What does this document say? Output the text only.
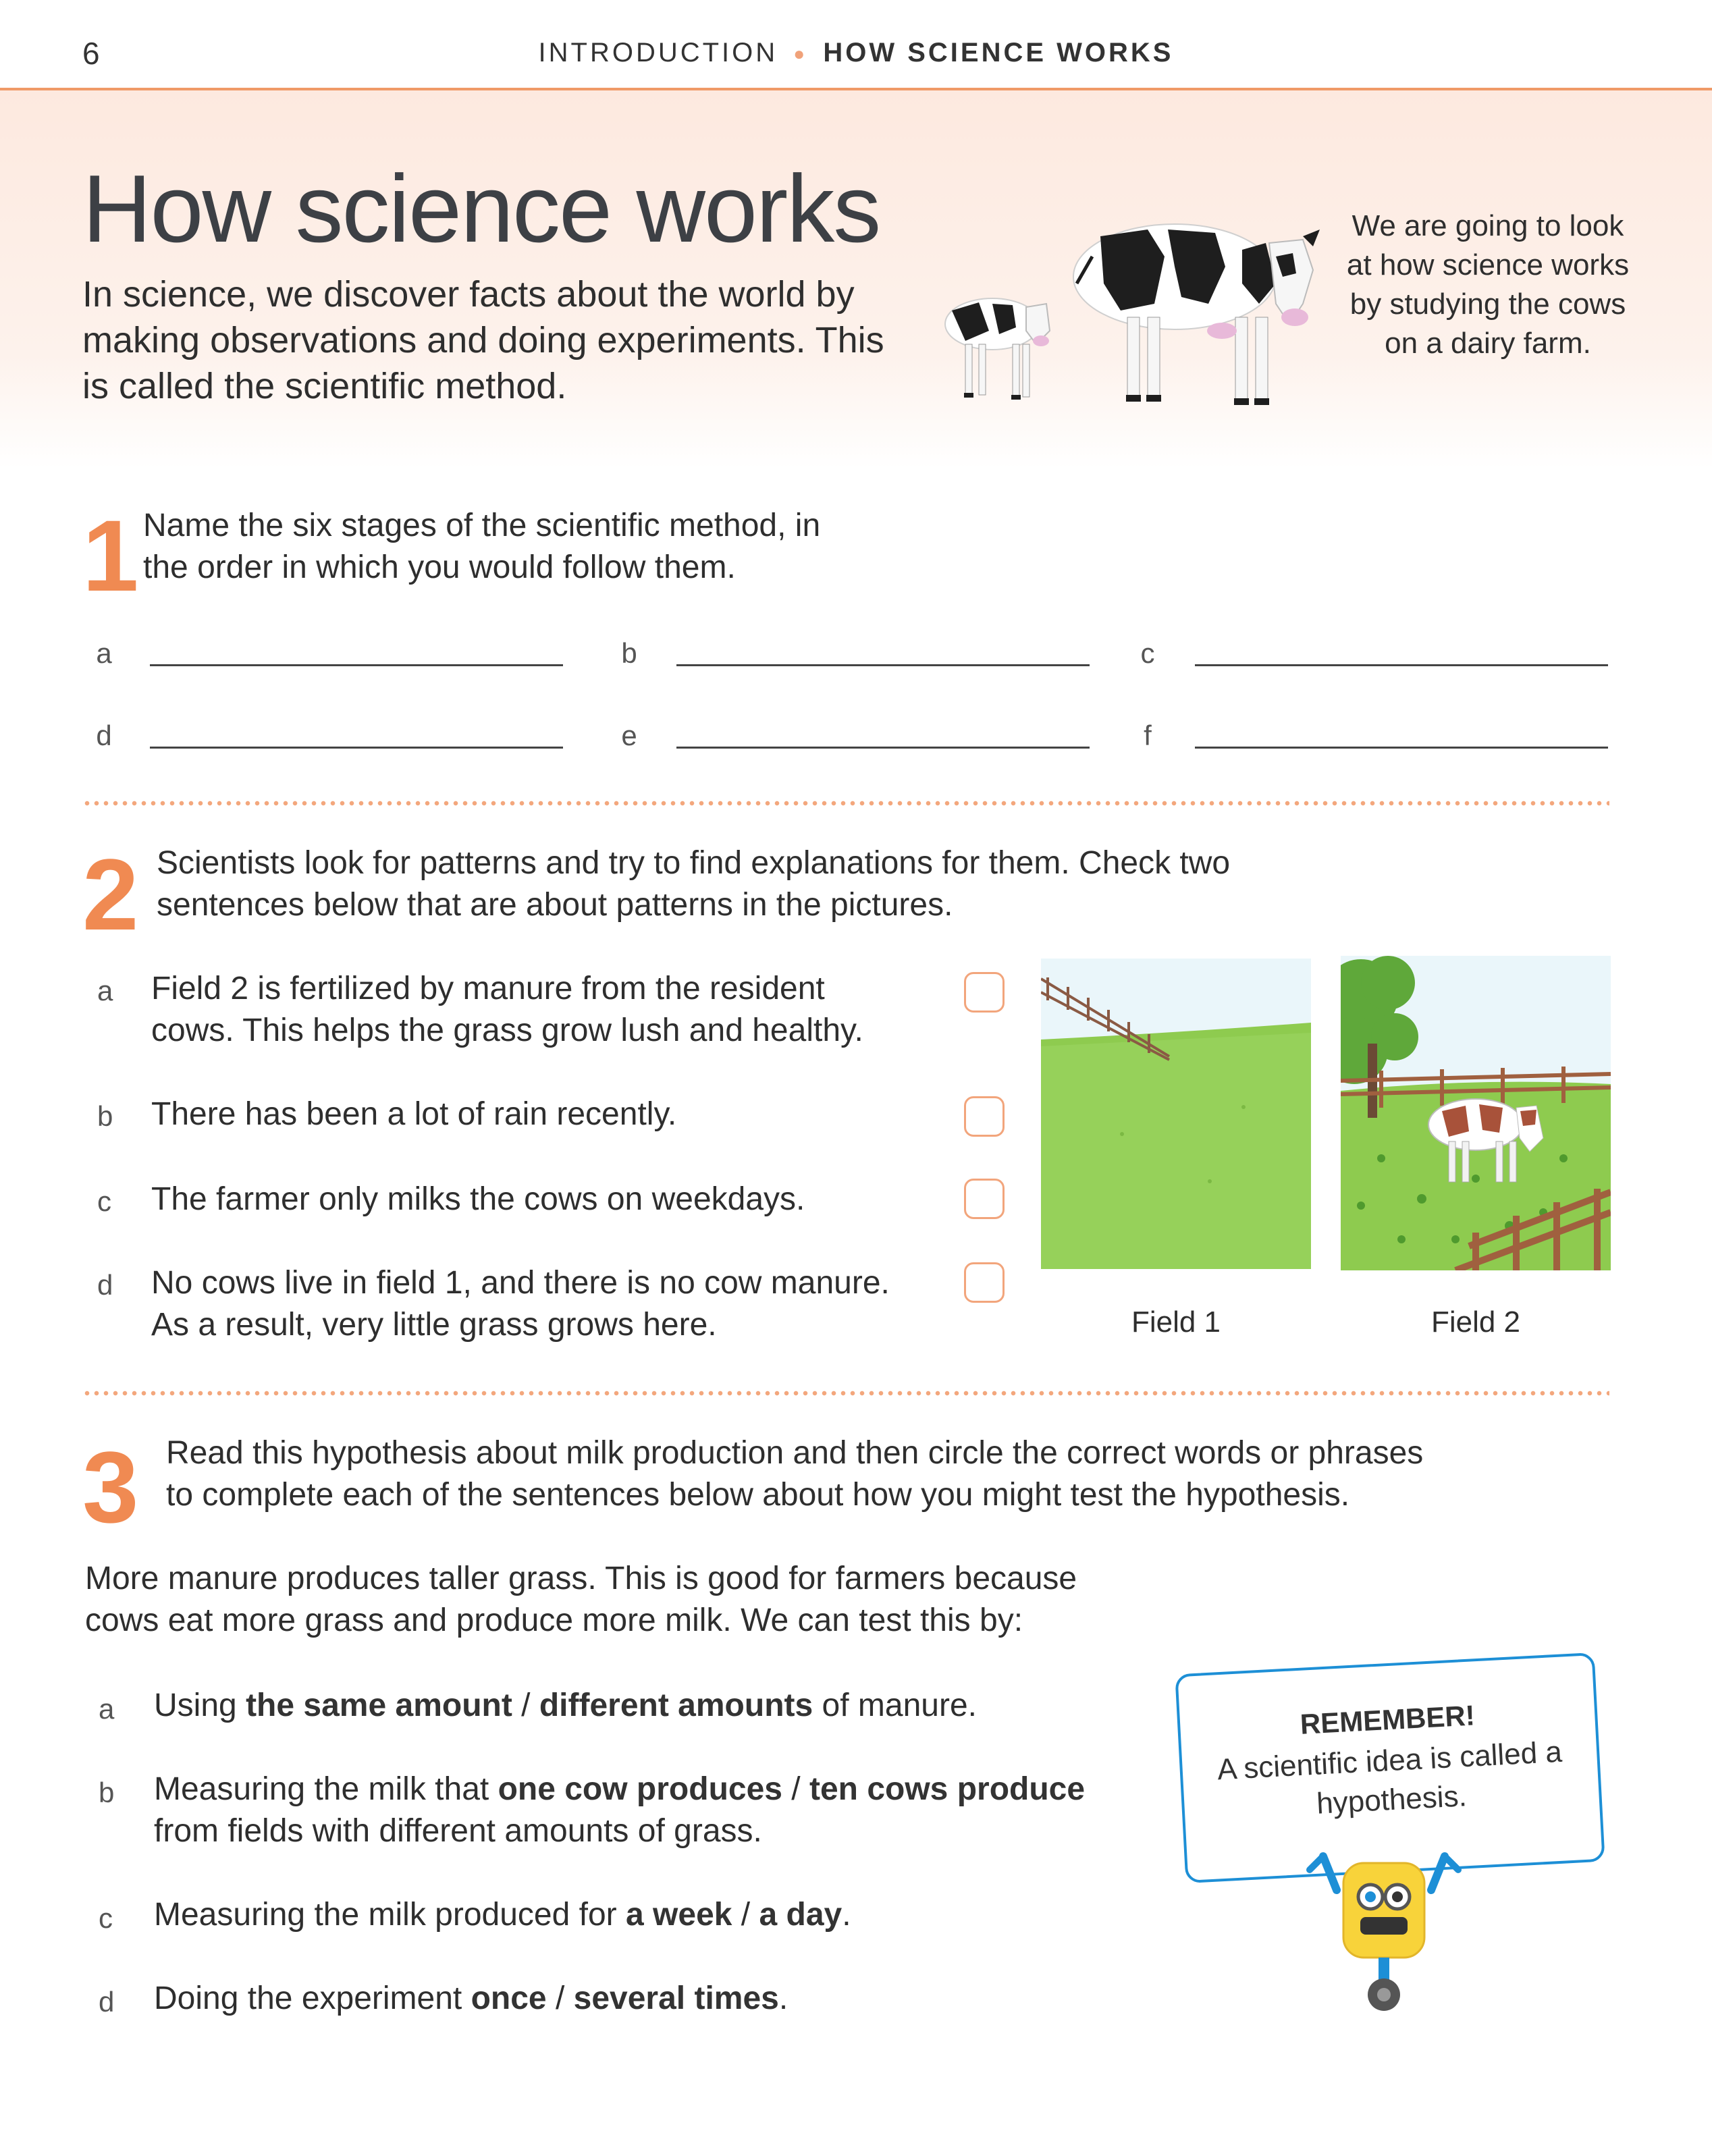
6	INTRODUCTION ● HOW SCIENCE WORKS
How science works
In science, we discover facts about the world by making observations and doing experiments. This is called the scientific method.
We are going to look at how science works by studying the cows on a dairy farm.
1 Name the six stages of the scientific method, in the order in which you would follow them.
a	b	c
d	e	f
2 Scientists look for patterns and try to find explanations for them. Check two sentences below that are about patterns in the pictures.
a Field 2 is fertilized by manure from the resident
cows. This helps the grass grow lush and healthy.
b There has been a lot of rain recently.
c The farmer only milks the cows on weekdays.
d No cows live in field 1, and there is no cow manure.
As a result, very little grass grows here.	Field 1	Field 2
3 Read this hypothesis about milk production and then circle the correct words or phrases to complete each of the sentences below about how you might test the hypothesis.
More manure produces taller grass. This is good for farmers because cows eat more grass and produce more milk. We can test this by:
a Using the same amount / different amounts of manure.
b Measuring the milk that one cow produces / ten cows produce
from fields with different amounts of grass.
c Measuring the milk produced for a week / a day.
d Doing the experiment once / several times.
REMEMBER!
A scientific idea is called a hypothesis.
